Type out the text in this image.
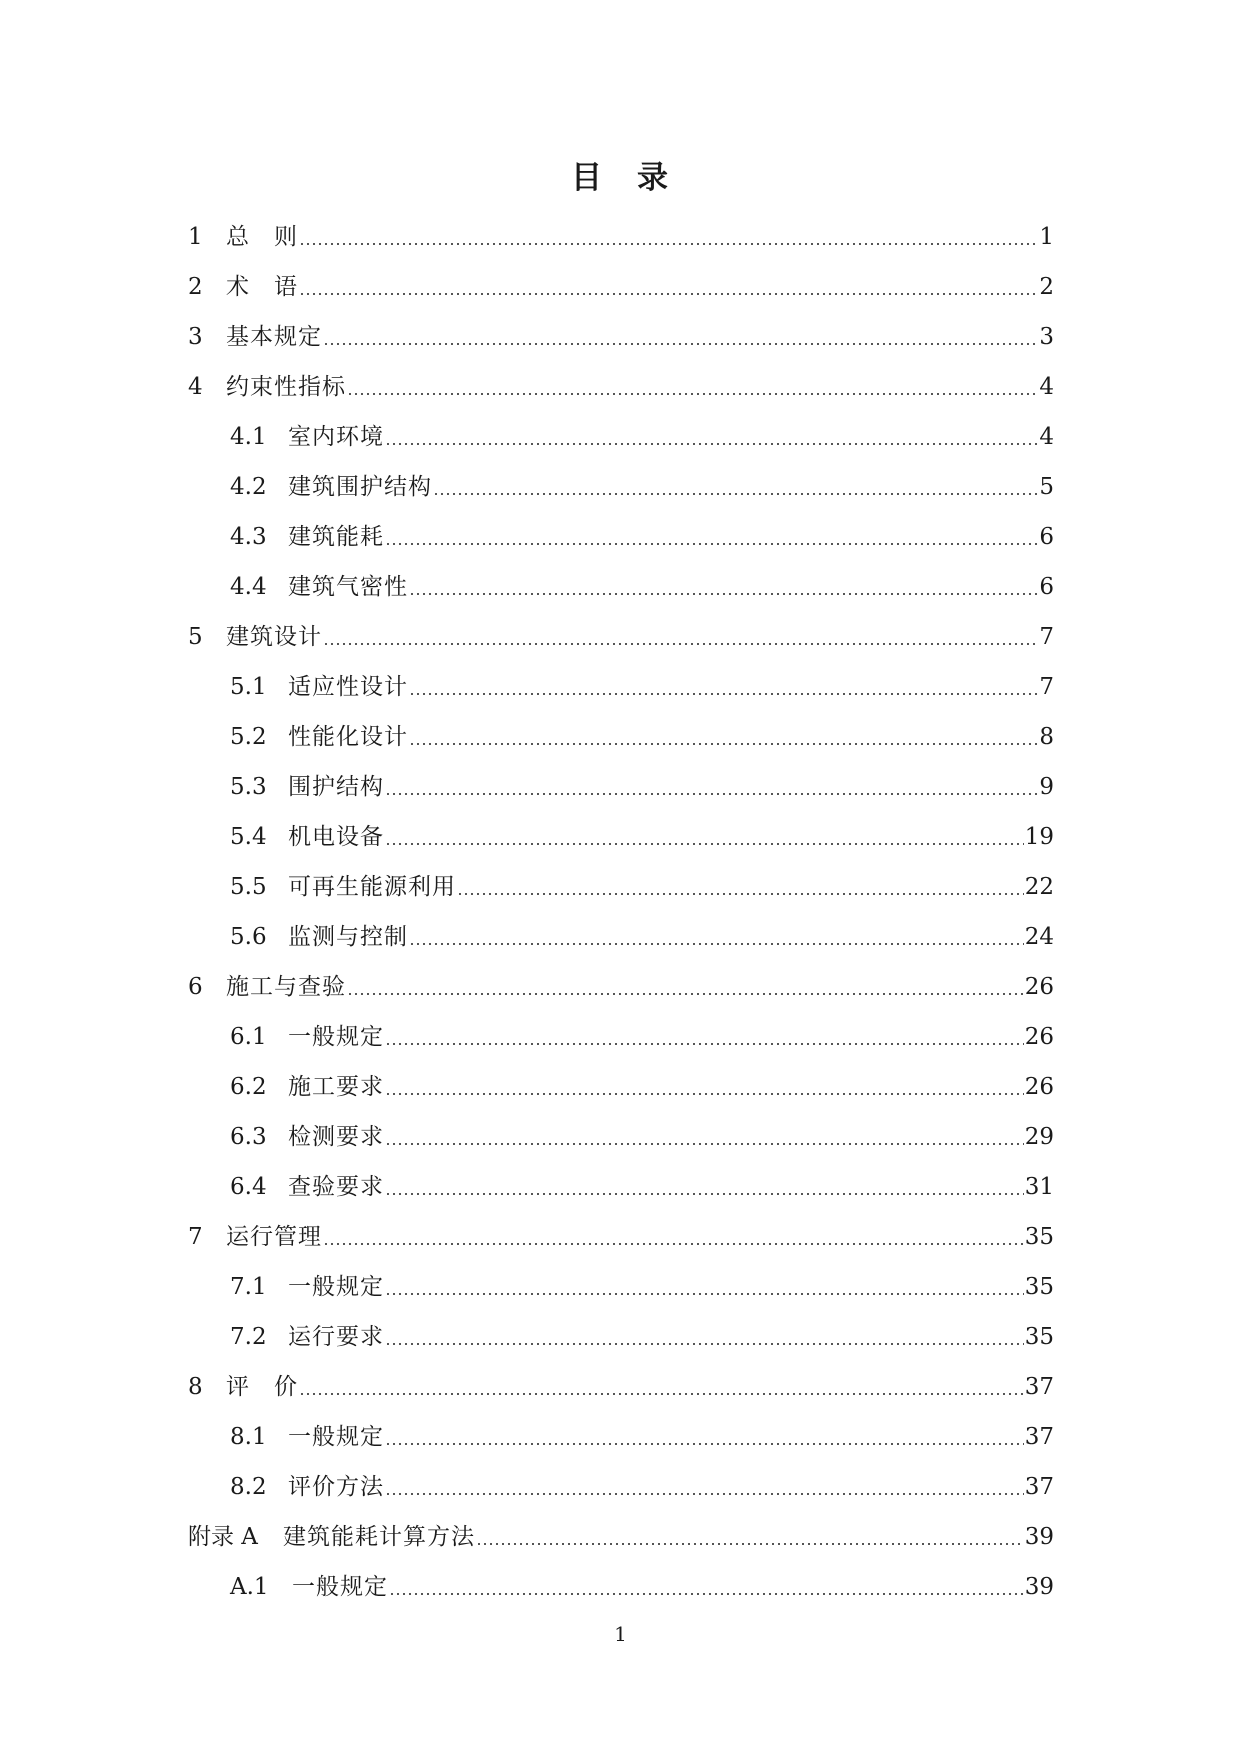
目　录
1	总　则	1
2	术　语	2
3	基本规定	3
4	约束性指标	4
4.1 室内环境	4
4.2 建筑围护结构	5
4.3 建筑能耗	6
4.4 建筑气密性	6
5	建筑设计	7
5.1 适应性设计	7
5.2 性能化设计	8
5.3 围护结构	9
5.4 机电设备	19
5.5 可再生能源利用	22
5.6 监测与控制	24
6	施工与查验	26
6.1 一般规定	26
6.2 施工要求	26
6.3 检测要求	29
6.4 查验要求	31
7	运行管理	35
7.1 一般规定	35
7.2 运行要求	35
8	评　价	37
8.1 一般规定	37
8.2 评价方法	37
附录 A	建筑能耗计算方法	39
A.1	一般规定	39
1
